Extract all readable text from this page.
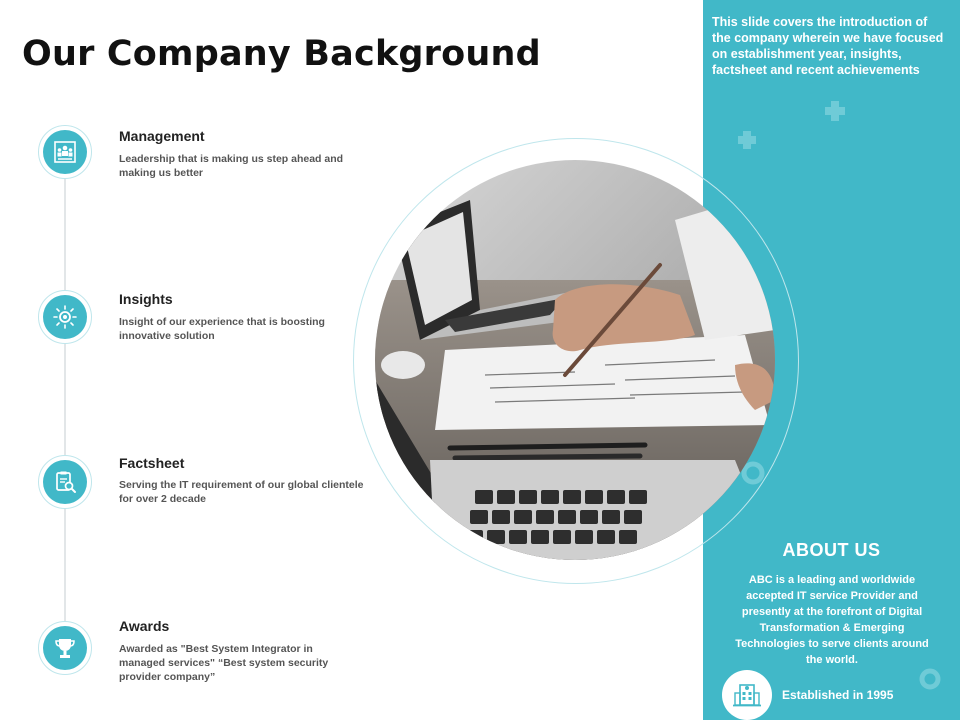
Our Company Background
Management
Leadership that is making us step ahead and making us better
Insights
Insight of our experience that is boosting innovative solution
Factsheet
Serving the IT requirement of our global clientele for over 2 decade
Awards
Awarded as "Best System Integrator in managed services" “Best system security provider company”
This slide covers the introduction of the company wherein we have focused on establishment year, insights, factsheet and recent achievements
ABOUT US
ABC is a leading and worldwide accepted IT service Provider and presently at the forefront of Digital Transformation & Emerging Technologies to serve clients around the world.
Established in 1995
